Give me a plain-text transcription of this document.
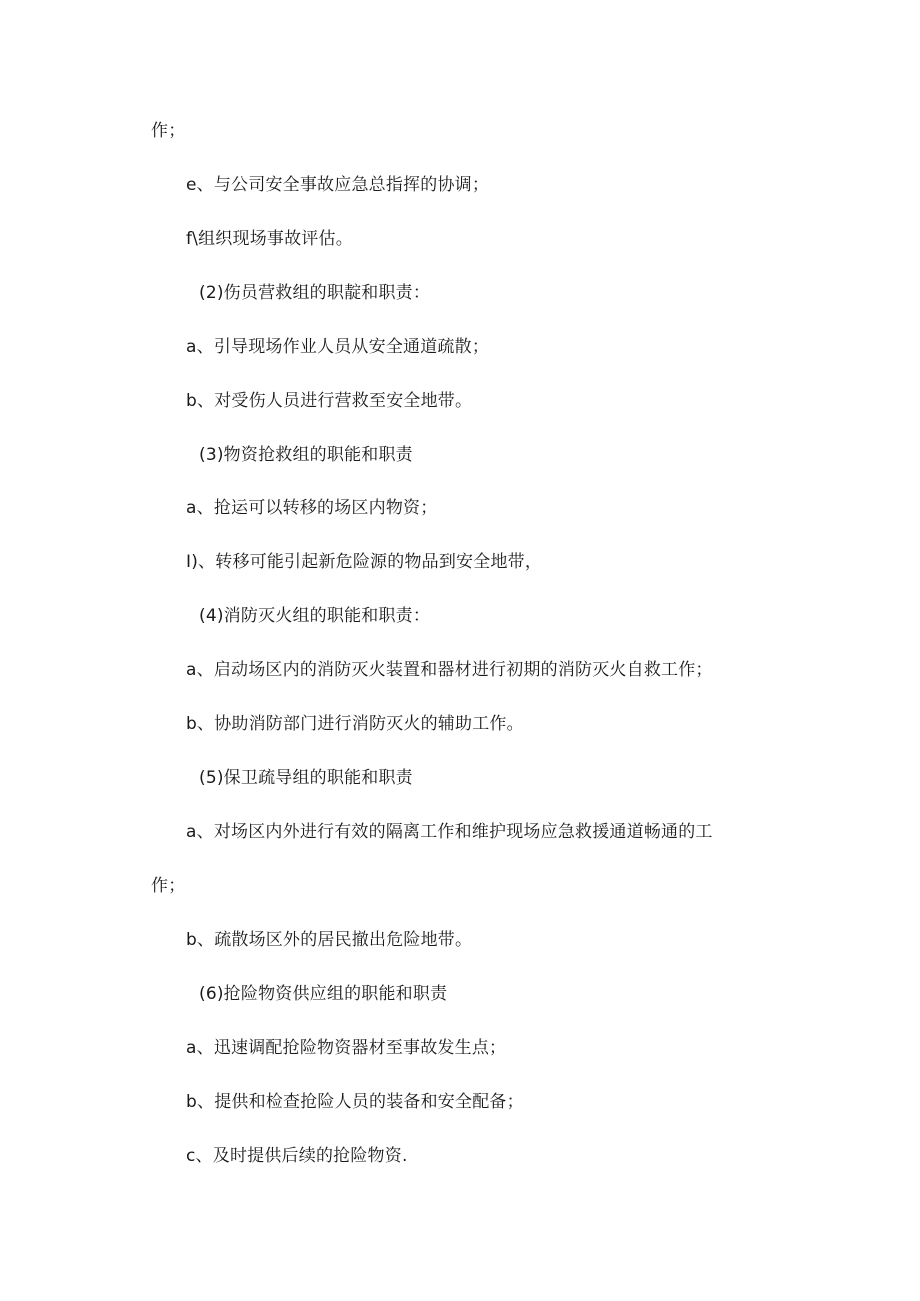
作；
e、与公司安全事故应急总指挥的协调；
f\组织现场事故评估。
(2)伤员营救组的职靛和职责：
a、引导现场作业人员从安全通道疏散；
b、对受伤人员进行营救至安全地带。
(3)物资抢救组的职能和职责
a、抢运可以转移的场区内物资；
I)、转移可能引起新危险源的物品到安全地带，
(4)消防灭火组的职能和职责：
a、启动场区内的消防灭火装置和器材进行初期的消防灭火自救工作；
b、协助消防部门进行消防灭火的辅助工作。
(5)保卫疏导组的职能和职责
a、对场区内外进行有效的隔离工作和维护现场应急救援通道畅通的工
作；
b、疏散场区外的居民撤出危险地带。
(6)抢险物资供应组的职能和职责
a、迅速调配抢险物资器材至事故发生点；
b、提供和检查抢险人员的装备和安全配备；
c、及时提供后续的抢险物资.
